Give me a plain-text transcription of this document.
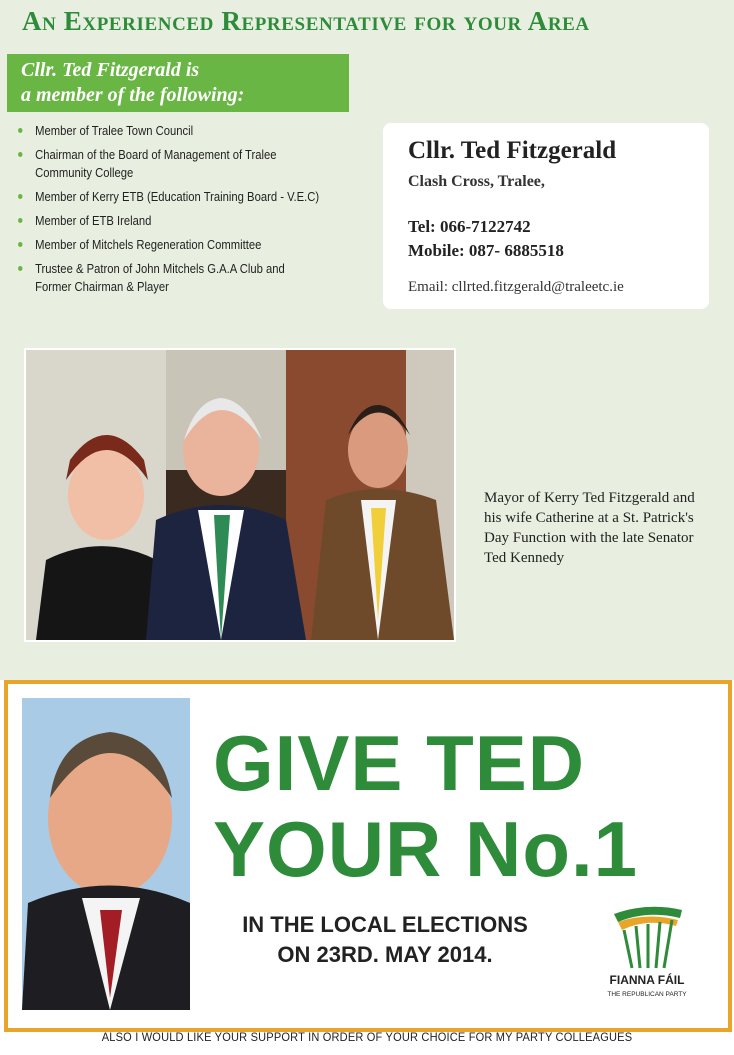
An Experienced Representative for your Area
Cllr. Ted Fitzgerald is
a member of the following:
Member of Tralee Town Council
Chairman of the Board of Management of Tralee Community College
Member of Kerry ETB (Education Training Board - V.E.C)
Member of ETB Ireland
Member of Mitchels Regeneration Committee
Trustee & Patron of John Mitchels G.A.A Club and Former Chairman & Player
Cllr. Ted Fitzgerald
Clash Cross, Tralee,
Tel: 066-7122742
Mobile: 087- 6885518
Email: cllrted.fitzgerald@traleetc.ie
Mayor of Kerry Ted Fitzgerald and his wife Catherine at a St. Patrick's Day Function with the late Senator Ted Kennedy
GIVE TED
YOUR No.1
IN THE LOCAL ELECTIONS
ON 23RD. MAY 2014.
FIANNA FÁIL
THE REPUBLICAN PARTY
ALSO I WOULD LIKE YOUR SUPPORT IN ORDER OF YOUR CHOICE FOR MY PARTY COLLEAGUES
